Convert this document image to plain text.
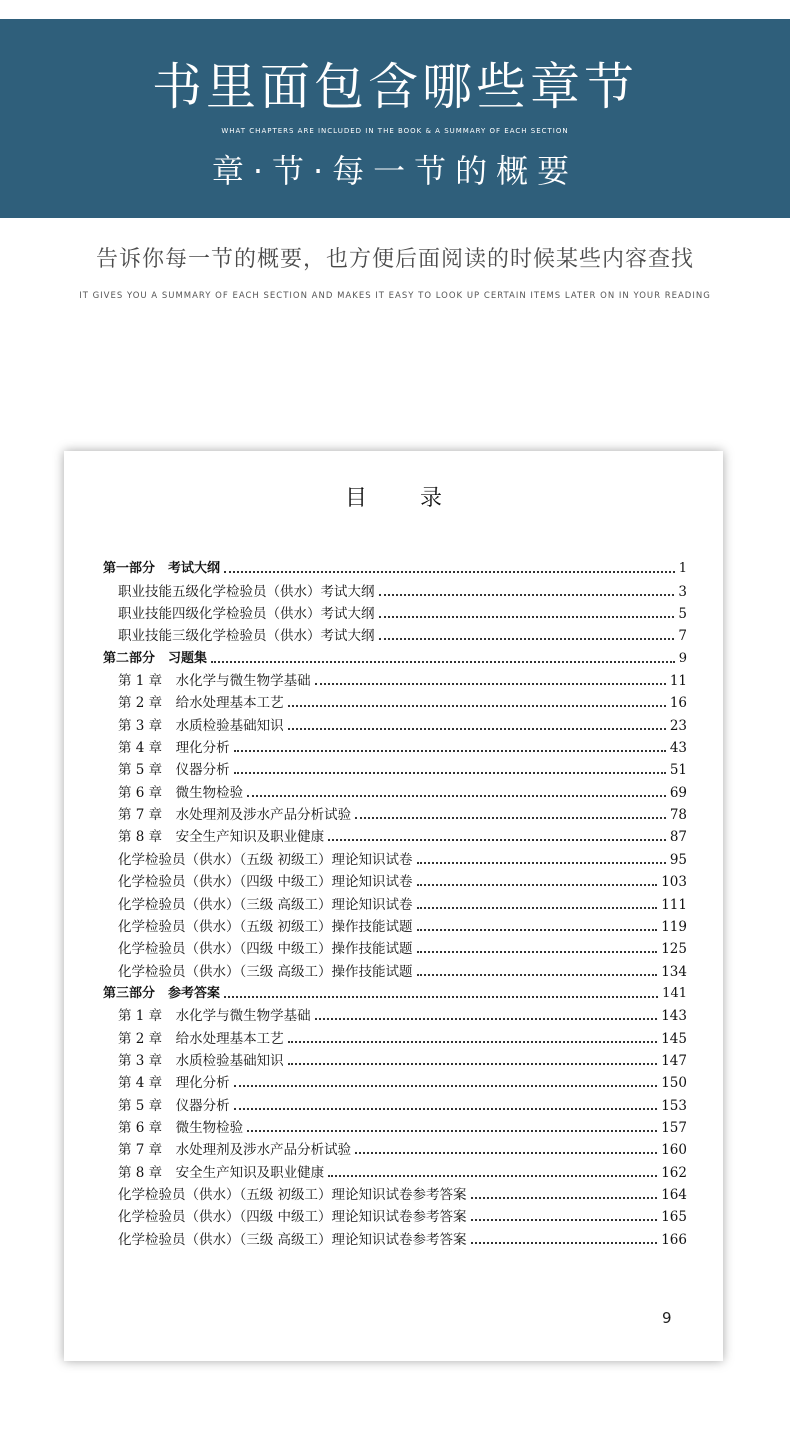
书里面包含哪些章节
WHAT CHAPTERS ARE INCLUDED IN THE BOOK & A SUMMARY OF EACH SECTION
章·节·每一节的概要
告诉你每一节的概要，也方便后面阅读的时候某些内容查找
IT GIVES YOU A SUMMARY OF EACH SECTION AND MAKES IT EASY TO LOOK UP CERTAIN ITEMS LATER ON IN YOUR READING
目 录
第一部分　考试大纲	1
职业技能五级化学检验员（供水）考试大纲	3
职业技能四级化学检验员（供水）考试大纲	5
职业技能三级化学检验员（供水）考试大纲	7
第二部分　习题集	9
第 1 章　水化学与微生物学基础	11
第 2 章　给水处理基本工艺	16
第 3 章　水质检验基础知识	23
第 4 章　理化分析	43
第 5 章　仪器分析	51
第 6 章　微生物检验	69
第 7 章　水处理剂及涉水产品分析试验	78
第 8 章　安全生产知识及职业健康	87
化学检验员（供水）（五级 初级工）理论知识试卷	95
化学检验员（供水）（四级 中级工）理论知识试卷	103
化学检验员（供水）（三级 高级工）理论知识试卷	111
化学检验员（供水）（五级 初级工）操作技能试题	119
化学检验员（供水）（四级 中级工）操作技能试题	125
化学检验员（供水）（三级 高级工）操作技能试题	134
第三部分　参考答案	141
第 1 章　水化学与微生物学基础	143
第 2 章　给水处理基本工艺	145
第 3 章　水质检验基础知识	147
第 4 章　理化分析	150
第 5 章　仪器分析	153
第 6 章　微生物检验	157
第 7 章　水处理剂及涉水产品分析试验	160
第 8 章　安全生产知识及职业健康	162
化学检验员（供水）（五级 初级工）理论知识试卷参考答案	164
化学检验员（供水）（四级 中级工）理论知识试卷参考答案	165
化学检验员（供水）（三级 高级工）理论知识试卷参考答案	166
9
